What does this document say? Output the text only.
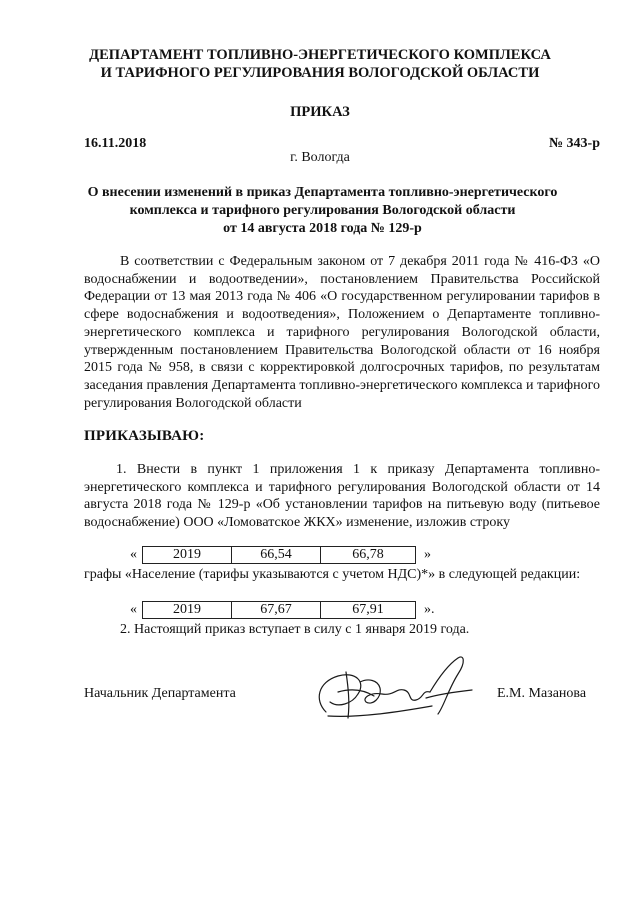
ДЕПАРТАМЕНТ ТОПЛИВНО-ЭНЕРГЕТИЧЕСКОГО КОМПЛЕКСА
И ТАРИФНОГО РЕГУЛИРОВАНИЯ ВОЛОГОДСКОЙ ОБЛАСТИ
ПРИКАЗ
16.11.2018	№ 343-р
г. Вологда
О внесении изменений в приказ Департамента топливно-энергетического
комплекса и тарифного регулирования Вологодской области
от 14 августа 2018 года № 129-р

В соответствии с Федеральным законом от 7 декабря 2011 года № 416-ФЗ «О водоснабжении и водоотведении», постановлением Правительства Российской Федерации от 13 мая 2013 года № 406 «О государственном регулировании тарифов в сфере водоснабжения и водоотведения», Положением о Департаменте топливно-энергетического комплекса и тарифного регулирования Вологодской области, утвержденным постановлением Правительства Вологодской области от 16 ноября 2015 года № 958, в связи с корректировкой долгосрочных тарифов, по результатам заседания правления Департамента топливно-энергетического комплекса и тарифного регулирования Вологодской области

ПРИКАЗЫВАЮ:

1. Внести в пункт 1 приложения 1 к приказу Департамента топливно-энергетического комплекса и тарифного регулирования Вологодской области от 14 августа 2018 года № 129-р «Об установлении тарифов на питьевую воду (питьевое водоснабжение) ООО «Ломоватское ЖКХ» изменение, изложив строку

«	2019	66,54	66,78	»

графы «Население (тарифы указываются с учетом НДС)*» в следующей редакции:

«	2019	67,67	67,91	».
2. Настоящий приказ вступает в силу с 1 января 2019 года.
Начальник Департамента	Е.М. Мазанова
